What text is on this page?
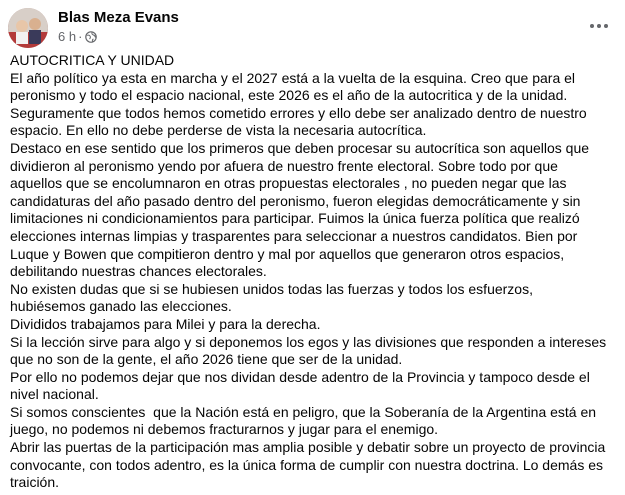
Blas Meza Evans
6 h ·

AUTOCRITICA Y UNIDAD

El año político ya esta en marcha y el 2027 está a la vuelta de la esquina. Creo que para el peronismo y todo el espacio nacional, este 2026 es el año de la autocritica y de la unidad.

Seguramente que todos hemos cometido errores y ello debe ser analizado dentro de nuestro espacio. En ello no debe perderse de vista la necesaria autocrítica.

Destaco en ese sentido que los primeros que deben procesar su autocrítica son aquellos que dividieron al peronismo yendo por afuera de nuestro frente electoral. Sobre todo por que aquellos que se encolumnaron en otras propuestas electorales , no pueden negar que las candidaturas del año pasado dentro del peronismo, fueron elegidas democráticamente y sin limitaciones ni condicionamientos para participar. Fuimos la única fuerza política que realizó elecciones internas limpias y trasparentes para seleccionar a nuestros candidatos. Bien por Luque y Bowen que compitieron dentro y mal por aquellos que generaron otros espacios, debilitando nuestras chances electorales.

No existen dudas que si se hubiesen unidos todas las fuerzas y todos los esfuerzos, hubiésemos ganado las elecciones.

Divididos trabajamos para Milei y para la derecha.

Si la lección sirve para algo y si deponemos los egos y las divisiones que responden a intereses que no son de la gente, el año 2026 tiene que ser de la unidad.

Por ello no podemos dejar que nos dividan desde adentro de la Provincia y tampoco desde el nivel nacional.

Si somos conscientes  que la Nación está en peligro, que la Soberanía de la Argentina está en juego, no podemos ni debemos fracturarnos y jugar para el enemigo.

Abrir las puertas de la participación mas amplia posible y debatir sobre un proyecto de provincia convocante, con todos adentro, es la única forma de cumplir con nuestra doctrina. Lo demás es traición.
